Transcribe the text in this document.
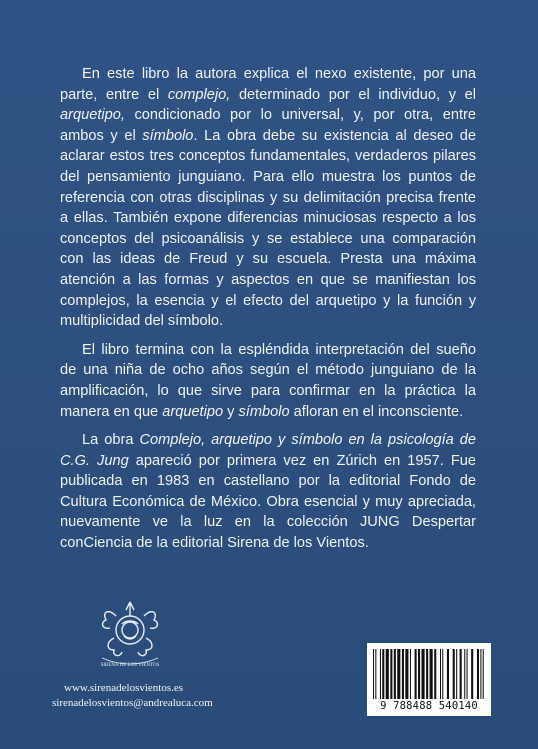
En este libro la autora explica el nexo existente, por una parte, entre el complejo, determinado por el individuo, y el arquetipo, condicionado por lo universal, y, por otra, entre ambos y el símbolo. La obra debe su existencia al deseo de aclarar estos tres conceptos fundamentales, verdaderos pilares del pensamiento junguiano. Para ello muestra los puntos de referencia con otras disciplinas y su delimitación precisa frente a ellas. También expone diferencias minuciosas respecto a los conceptos del psicoanálisis y se establece una comparación con las ideas de Freud y su escuela. Presta una máxima atención a las formas y aspectos en que se manifiestan los complejos, la esencia y el efecto del arquetipo y la función y multiplicidad del símbolo.

El libro termina con la espléndida interpretación del sueño de una niña de ocho años según el método junguiano de la amplificación, lo que sirve para confirmar en la práctica la manera en que arquetipo y símbolo afloran en el inconsciente.

La obra Complejo, arquetipo y símbolo en la psicología de C.G. Jung apareció por primera vez en Zúrich en 1957. Fue publicada en 1983 en castellano por la editorial Fondo de Cultura Económica de México. Obra esencial y muy apreciada, nuevamente ve la luz en la colección JUNG Despertar conCiencia de la editorial Sirena de los Vientos.

SIRENA DE LOS VIENTOS
www.sirenadelosvientos.es
sirenadelosvientos@andrealuca.com	9 788488 540140
